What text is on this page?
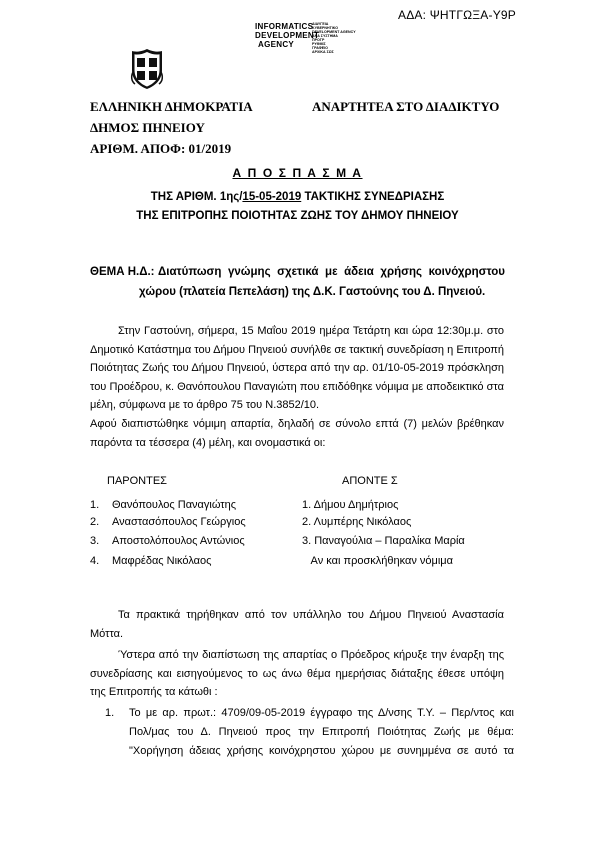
ΑΔΑ: ΨΗΤΓΩΞΑ-Υ9Ρ
INFORMATICS
DEVELOPMENT
AGENCY
ΔΙΑΥΓΕΙΑ
ΚΥΒΕΡΝΗΤΙΚΟ
DEVELOPMENT AGENCY
ΑΝΑ ΣΥΣΤΗΜΑ
ΠΡΟΓΡ
ΡΥΘΜΙΣ
ΓΡΑΦΕΙΟ
ΑΡΧΙΚΑ ΣΩΣ
ΕΛΛΗΝΙΚΗ ΔΗΜΟΚΡΑΤΙΑ
ΔΗΜΟΣ ΠΗΝΕΙΟΥ
ΑΡΙΘΜ. ΑΠΟΦ: 01/2019
ΑΝΑΡΤΗΤΕΑ ΣΤΟ ΔΙΑΔΙΚΤΥΟ
Α Π Ο Σ Π Α Σ Μ Α
ΤΗΣ ΑΡΙΘΜ. 1ης/15-05-2019 ΤΑΚΤΙΚΗΣ ΣΥΝΕΔΡΙΑΣΗΣ
ΤΗΣ ΕΠΙΤΡΟΠΗΣ ΠΟΙΟΤΗΤΑΣ ΖΩΗΣ ΤΟΥ ΔΗΜΟΥ ΠΗΝΕΙΟΥ
ΘΕΜΑ Η.Δ.: Διατύπωση γνώμης σχετικά με άδεια χρήσης κοινόχρηστου
χώρου (πλατεία Πεπελάση) της Δ.Κ. Γαστούνης του Δ. Πηνειού.
Στην Γαστούνη, σήμερα, 15 Μαΐου 2019 ημέρα Τετάρτη και ώρα 12:30μ.μ. στο
Δημοτικό Κατάστημα του Δήμου Πηνειού συνήλθε σε τακτική συνεδρίαση η Επιτροπή
Ποιότητας Ζωής του Δήμου Πηνειού, ύστερα από την αρ. 01/10-05-2019 πρόσκληση
του Προέδρου, κ. Θανόπουλου Παναγιώτη που επιδόθηκε νόμιμα με αποδεικτικό στα
μέλη, σύμφωνα με το άρθρο 75 του Ν.3852/10.
Αφού διαπιστώθηκε νόμιμη απαρτία, δηλαδή σε σύνολο επτά (7) μελών βρέθηκαν
παρόντα τα τέσσερα (4) μέλη, και ονομαστικά οι:
ΠΑΡΟΝΤΕΣ	ΑΠΟΝΤΕ Σ
1. Θανόπουλος Παναγιώτης	1. Δήμου Δημήτριος
2. Αναστασόπουλος Γεώργιος	2. Λυμπέρης Νικόλαος
3. Αποστολόπουλος Αντώνιος	3. Παναγούλια – Παραλίκα Μαρία
4. Μαφρέδας Νικόλαος	Αν και προσκλήθηκαν νόμιμα
Τα πρακτικά τηρήθηκαν από τον υπάλληλο του Δήμου Πηνειού Αναστασία
Μόττα.
Ύστερα από την διαπίστωση της απαρτίας ο Πρόεδρος κήρυξε την έναρξη της
συνεδρίασης και εισηγούμενος το ως άνω θέμα ημερήσιας διάταξης έθεσε υπόψη
της Επιτροπής τα κάτωθι :
1. Το με αρ. πρωτ.: 4709/09-05-2019 έγγραφο της Δ/νσης Τ.Υ. – Περ/ντος και
Πολ/μας του Δ. Πηνειού προς την Επιτροπή Ποιότητας Ζωής με θέμα:
"Χορήγηση άδειας χρήσης κοινόχρηστου χώρου με συνημμένα σε αυτό τα
